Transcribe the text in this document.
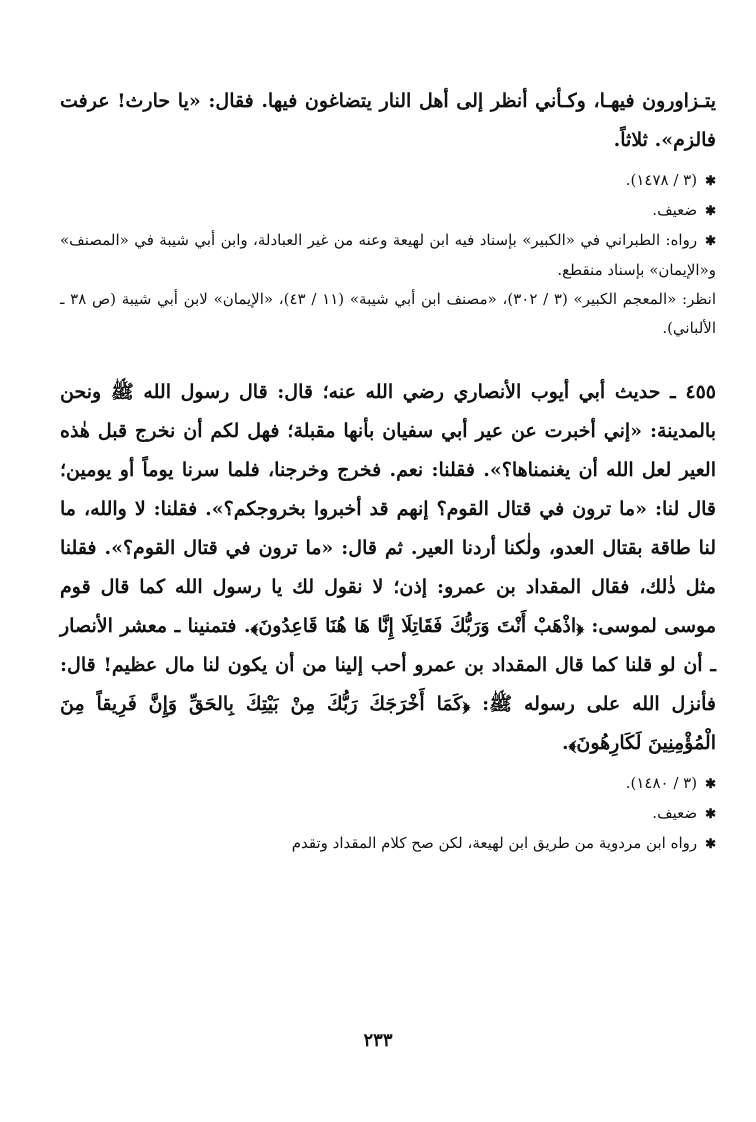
يتـزاورون فيهـا، وكـأني أنظر إلى أهل النار يتضاغون فيها. فقال: «يا حارث! عرفت فالزم». ثلاثاً.

✱ (٣ / ١٤٧٨).

✱ ضعيف.

✱ رواه: الطبراني في «الكبير» بإسناد فيه ابن لهيعة وعنه من غير العبادلة، وابن أبي شيبة في «المصنف» و«الإيمان» بإسناد منقطع.

انظر: «المعجم الكبير» (٣ / ٣٠٢)، «مصنف ابن أبي شيبة» (١١ / ٤٣)، «الإيمان» لابن أبي شيبة (ص ٣٨ ـ الألباني).

٤٥٥ ـ حديث أبي أيوب الأنصاري رضي الله عنه؛ قال: قال رسول الله ﷺ ونحن بالمدينة: «إني أخبرت عن عير أبي سفيان بأنها مقبلة؛ فهل لكم أن نخرج قبل هٰذه العير لعل الله أن يغنمناها؟». فقلنا: نعم. فخرج وخرجنا، فلما سرنا يوماً أو يومين؛ قال لنا: «ما ترون في قتال القوم؟ إنهم قد أخبروا بخروجكم؟». فقلنا: لا والله، ما لنا طاقة بقتال العدو، ولٰكنا أردنا العير. ثم قال: «ما ترون في قتال القوم؟». فقلنا مثل ذٰلك، فقال المقداد بن عمرو: إذن؛ لا نقول لك يا رسول الله كما قال قوم موسى لموسى: ﴿اذْهَبْ أَنْتَ وَرَبُّكَ فَقَاتِلَا إِنَّا هَا هُنَا قَاعِدُونَ﴾. فتمنينا ـ معشر الأنصار ـ أن لو قلنا كما قال المقداد بن عمرو أحب إلينا من أن يكون لنا مال عظيم! قال: فأنزل الله على رسوله ﷺ: ﴿كَمَا أَخْرَجَكَ رَبُّكَ مِنْ بَيْتِكَ بِالحَقِّ وَإِنَّ فَرِيقاً مِنَ الْمُؤْمِنِينَ لَكَارِهُونَ﴾.

✱ (٣ / ١٤٨٠).

✱ ضعيف.

✱ رواه ابن مردوية من طريق ابن لهيعة، لكن صح كلام المقداد وتقدم

٢٣٣
